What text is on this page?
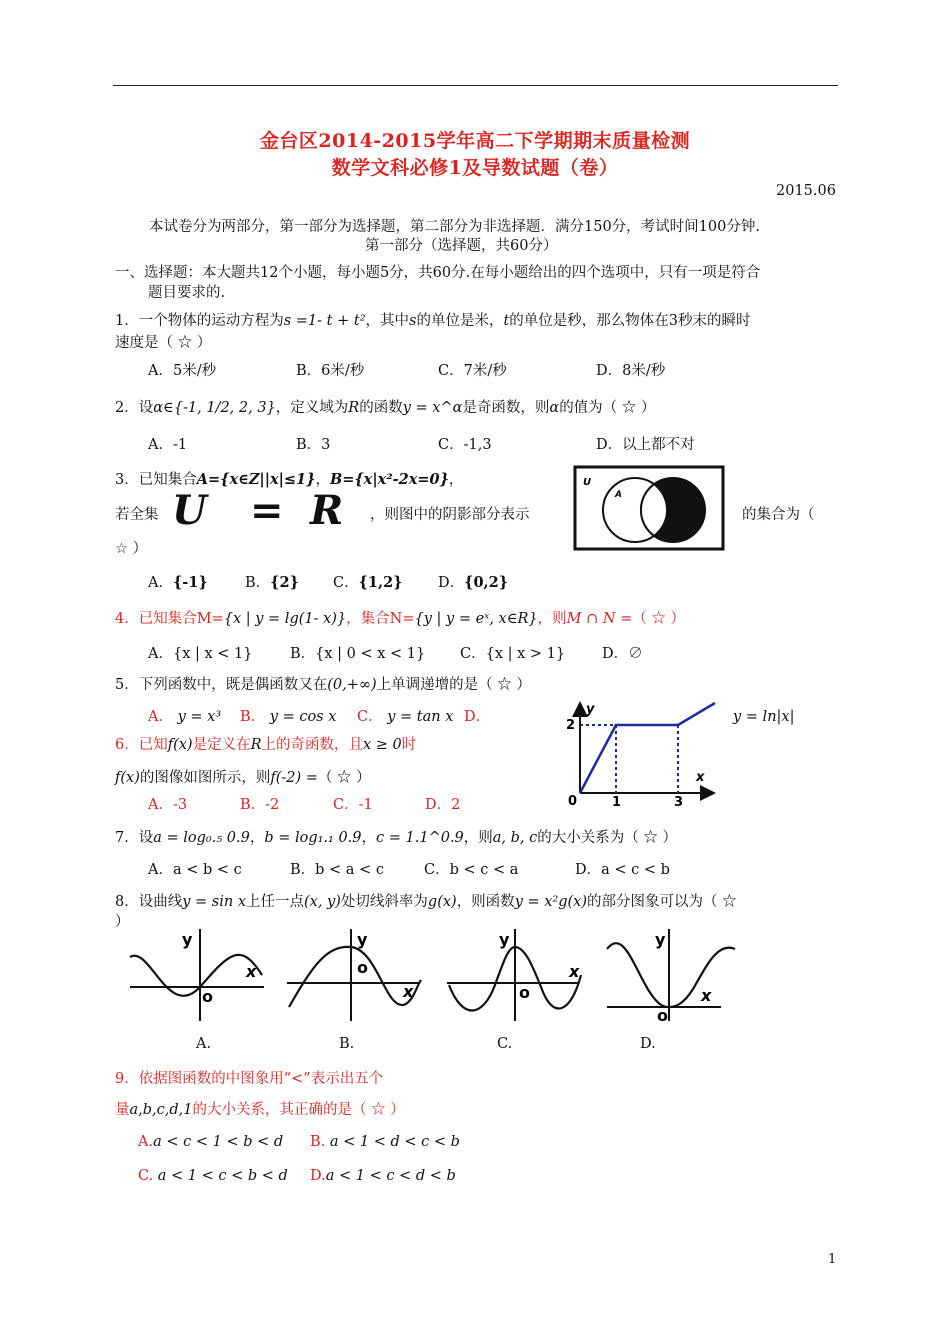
金台区2014-2015学年高二下学期期末质量检测
数学文科必修1及导数试题（卷）
2015.06
本试卷分为两部分，第一部分为选择题，第二部分为非选择题．满分150分，考试时间100分钟.
第一部分（选择题，共60分）
一、选择题：本大题共12个小题，每小题5分，共60分.在每小题给出的四个选项中，只有一项是符合
题目要求的.
1．一个物体的运动方程为s =1- t + t²，其中s的单位是米，t的单位是秒，那么物体在3秒末的瞬时
速度是（ ☆ ）
A．5米/秒	B．6米/秒	C．7米/秒	D．8米/秒
2．设α∈{-1, 1/2, 2, 3}，定义域为R的函数y = x^α是奇函数，则α的值为（ ☆ ）
A．-1	B．3	C．-1,3	D．以上都不对
3．已知集合A={x∈Z||x|≤1}，B={x|x²-2x=0}，
若全集 U = R ，则图中的阴影部分表示	的集合为（
☆ ）
U
A
A．{-1}	B．{2} C．{1,2} D．{0,2}
4．已知集合M={x | y = lg(1- x)}，集合N={y | y = eˣ, x∈R}，则M ∩ N =（ ☆ ）
A．{x | x < 1}	B．{x | 0 < x < 1} C．{x | x > 1}	D．∅
5．下列函数中，既是偶函数又在(0,+∞)上单调递增的是（ ☆ ）
A． y = x³ B． y = cos x C． y = tan x D．	y = ln|x|
6．已知f(x)是定义在R上的奇函数，且x ≥ 0时
f(x)的图像如图所示，则f(-2) =（ ☆ ）
A．-3	B．-2	C．-1	D．2
y
x
2
0	1	3
7．设a = log₀.₅ 0.9，b = log₁.₁ 0.9，c = 1.1^0.9，则a, b, c的大小关系为（ ☆ ）
A．a < b < c	B．b < a < c	C．b < c < a	D．a < c < b
8．设曲线y = sin x上任一点(x, y)处切线斜率为g(x)，则函数y = x²g(x)的部分图象可以为（ ☆
）
y
x
o
y
x
o
y
x
o
y
x
o
A.	B.	C.	D.
9．依据图函数的中图象用“<”表示出五个
量a,b,c,d,1的大小关系，其正确的是（ ☆ ）
A.a < c < 1 < b < d B. a < 1 < d < c < b
C. a < 1 < c < b < d D.a < 1 < c < d < b
1
